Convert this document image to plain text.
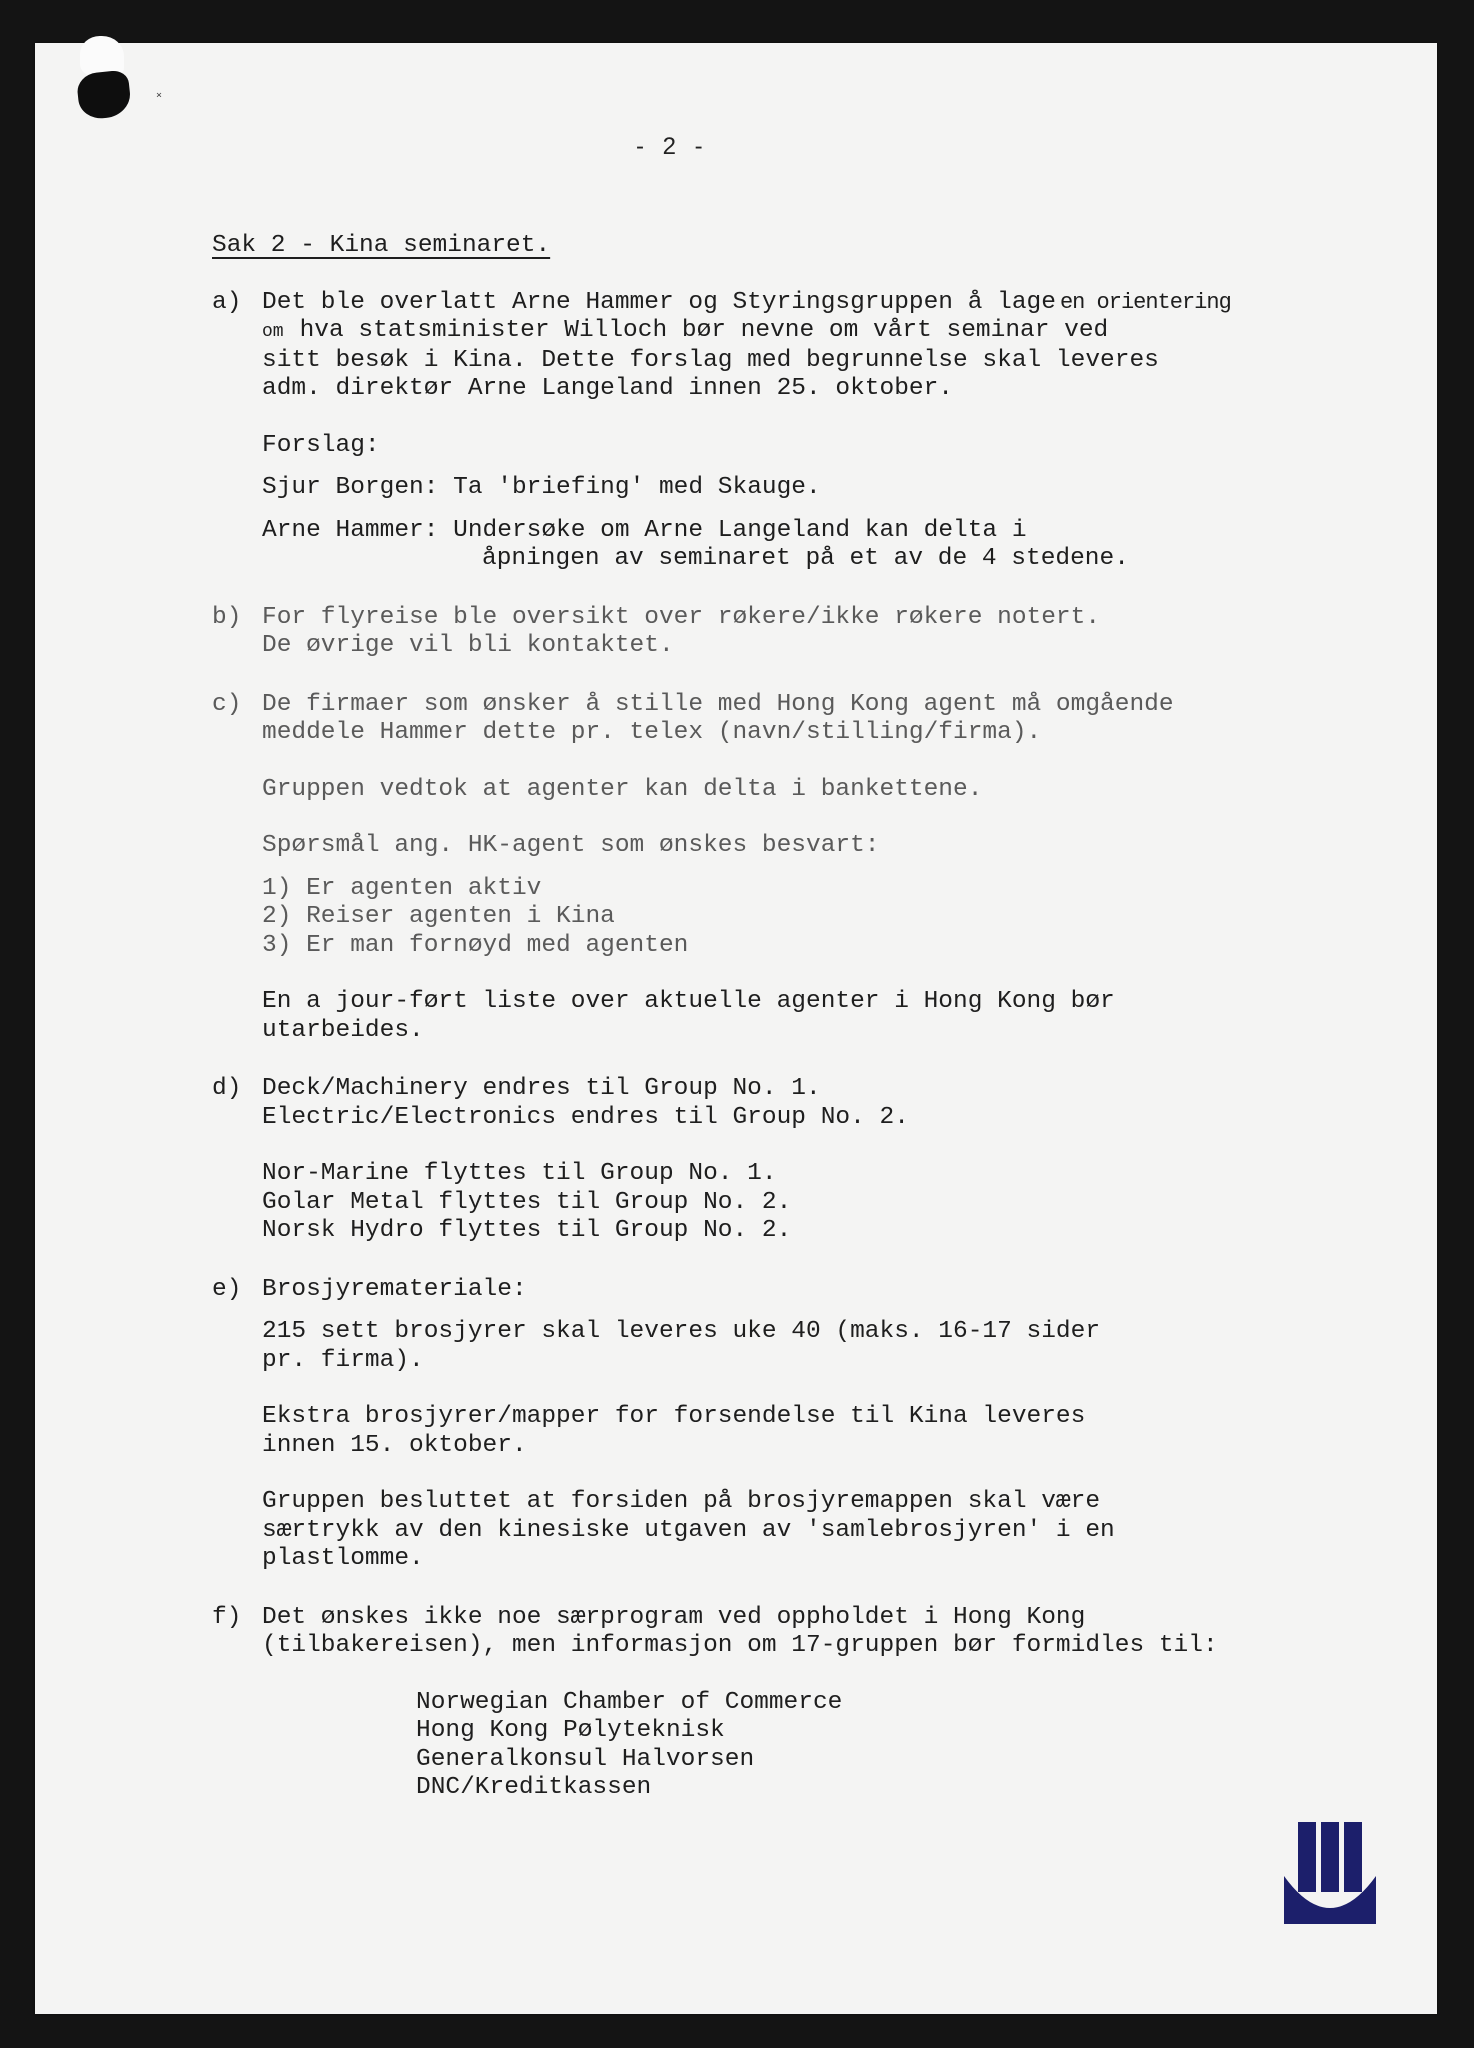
×
- 2 -
Sak 2 - Kina seminaret.
a) Det ble overlatt Arne Hammer og Styringsgruppen å lage en orientering
om hva statsminister Willoch bør nevne om vårt seminar ved
sitt besøk i Kina. Dette forslag med begrunnelse skal leveres
adm. direktør Arne Langeland innen 25. oktober.
Forslag:
Sjur Borgen: Ta 'briefing' med Skauge.
Arne Hammer: Undersøke om Arne Langeland kan delta i
åpningen av seminaret på et av de 4 stedene.
b) For flyreise ble oversikt over røkere/ikke røkere notert.
De øvrige vil bli kontaktet.
c) De firmaer som ønsker å stille med Hong Kong agent må omgående
meddele Hammer dette pr. telex (navn/stilling/firma).
Gruppen vedtok at agenter kan delta i bankettene.
Spørsmål ang. HK-agent som ønskes besvart:
1) Er agenten aktiv
2) Reiser agenten i Kina
3) Er man fornøyd med agenten
En a jour-ført liste over aktuelle agenter i Hong Kong bør
utarbeides.
d) Deck/Machinery endres til Group No. 1.
Electric/Electronics endres til Group No. 2.
Nor-Marine flyttes til Group No. 1.
Golar Metal flyttes til Group No. 2.
Norsk Hydro flyttes til Group No. 2.
e) Brosjyremateriale:
215 sett brosjyrer skal leveres uke 40 (maks. 16-17 sider
pr. firma).
Ekstra brosjyrer/mapper for forsendelse til Kina leveres
innen 15. oktober.
Gruppen besluttet at forsiden på brosjyremappen skal være
særtrykk av den kinesiske utgaven av 'samlebrosjyren' i en
plastlomme.
f) Det ønskes ikke noe særprogram ved oppholdet i Hong Kong
(tilbakereisen), men informasjon om 17-gruppen bør formidles til:
Norwegian Chamber of Commerce
Hong Kong Pølyteknisk
Generalkonsul Halvorsen
DNC/Kreditkassen
